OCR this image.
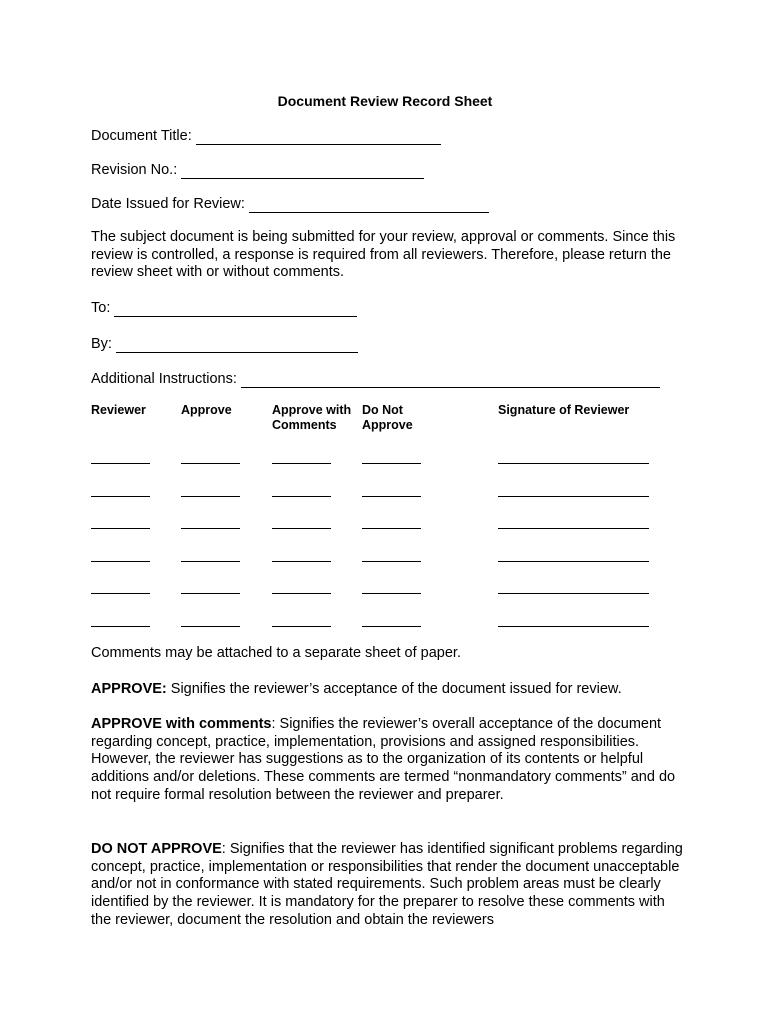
Document Review Record Sheet
Document Title:
Revision No.:
Date Issued for Review:
The subject document is being submitted for your review, approval or comments. Since this review is controlled, a response is required from all reviewers. Therefore, please return the review sheet with or without comments.
To:
By:
Additional Instructions:
Reviewer	Approve	Approve with
Comments
Do Not
Approve
Signature of Reviewer
Comments may be attached to a separate sheet of paper.
APPROVE: Signifies the reviewer’s acceptance of the document issued for review.
APPROVE with comments: Signifies the reviewer’s overall acceptance of the document regarding concept, practice, implementation, provisions and assigned responsibilities. However, the reviewer has suggestions as to the organization of its contents or helpful additions and/or deletions. These comments are termed “nonmandatory comments” and do not require formal resolution between the reviewer and preparer.
DO NOT APPROVE: Signifies that the reviewer has identified significant problems regarding concept, practice, implementation or responsibilities that render the document unacceptable and/or not in conformance with stated requirements. Such problem areas must be clearly identified by the reviewer. It is mandatory for the preparer to resolve these comments with the reviewer, document the resolution and obtain the reviewers
